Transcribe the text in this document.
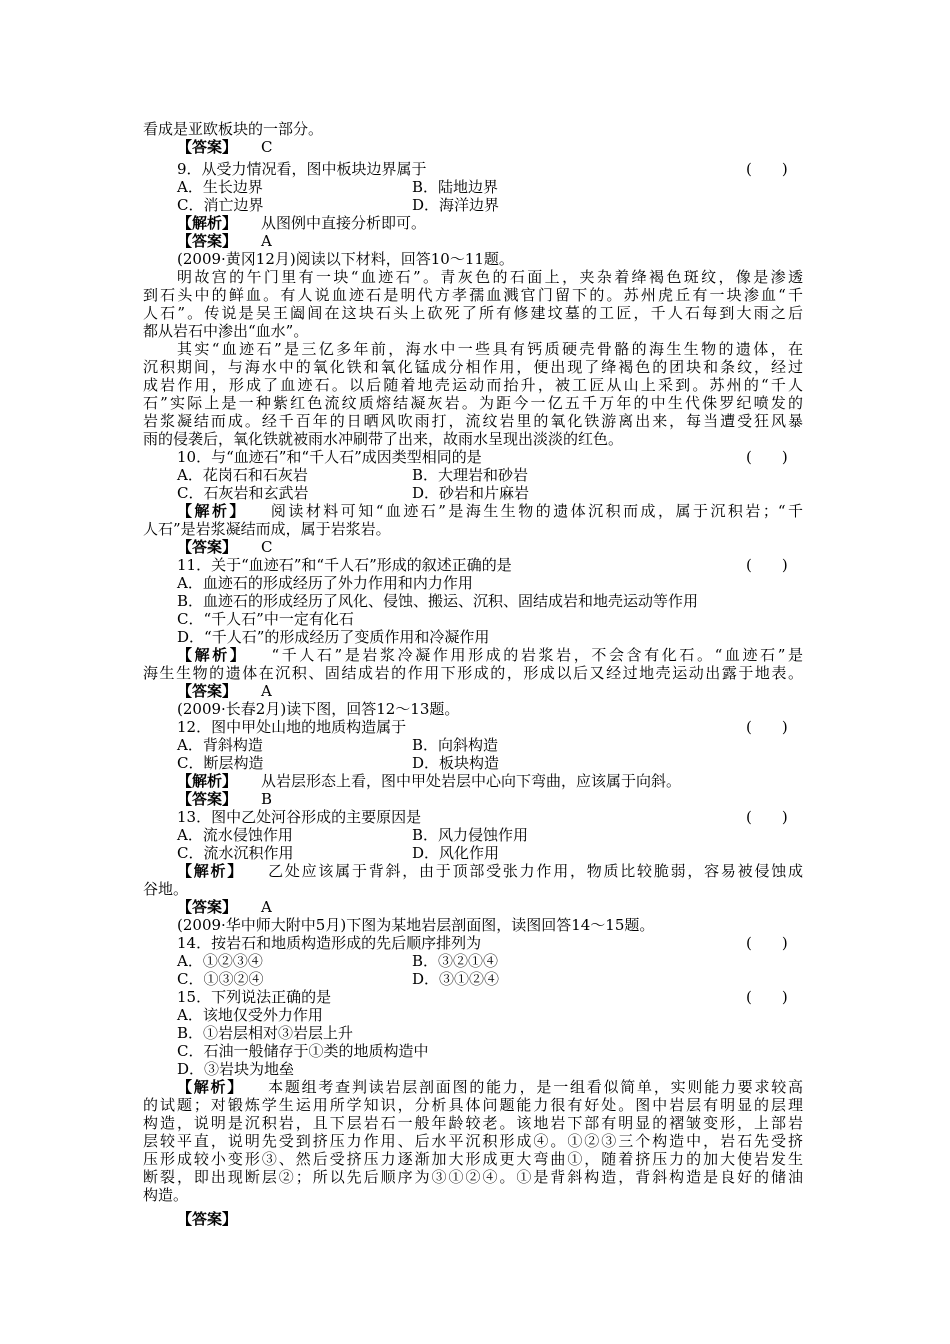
看成是亚欧板块的一部分。
【答案】 C
9．从受力情况看，图中板块边界属于	(　　)
A．生长边界	B．陆地边界
C．消亡边界	D．海洋边界
【解析】 从图例中直接分析即可。
【答案】 A
(2009·黄冈12月)阅读以下材料，回答10～11题。
明故宫的午门里有一块“血迹石”。青灰色的石面上，夹杂着绛褐色斑纹，像是渗透
到石头中的鲜血。有人说血迹石是明代方孝孺血溅官门留下的。苏州虎丘有一块渗血“千
人石”。传说是吴王阖闾在这块石头上砍死了所有修建坟墓的工匠，千人石每到大雨之后
都从岩石中渗出“血水”。
其实“血迹石”是三亿多年前，海水中一些具有钙质硬壳骨骼的海生生物的遗体，在
沉积期间，与海水中的氧化铁和氧化锰成分相作用，便出现了绛褐色的团块和条纹，经过
成岩作用，形成了血迹石。以后随着地壳运动而抬升，被工匠从山上采到。苏州的“千人
石”实际上是一种紫红色流纹质熔结凝灰岩。为距今一亿五千万年的中生代侏罗纪喷发的
岩浆凝结而成。经千百年的日晒风吹雨打，流纹岩里的氧化铁游离出来，每当遭受狂风暴
雨的侵袭后，氧化铁就被雨水冲刷带了出来，故雨水呈现出淡淡的红色。
10．与“血迹石”和“千人石”成因类型相同的是	(　　)
A．花岗石和石灰岩	B．大理岩和砂岩
C．石灰岩和玄武岩	D．砂岩和片麻岩
【解析】 阅读材料可知“血迹石”是海生生物的遗体沉积而成，属于沉积岩；“千
人石”是岩浆凝结而成，属于岩浆岩。
【答案】 C
11．关于“血迹石”和“千人石”形成的叙述正确的是	(　　)
A．血迹石的形成经历了外力作用和内力作用
B．血迹石的形成经历了风化、侵蚀、搬运、沉积、固结成岩和地壳运动等作用
C．“千人石”中一定有化石
D．“千人石”的形成经历了变质作用和冷凝作用
【解析】 “千人石”是岩浆冷凝作用形成的岩浆岩，不会含有化石。“血迹石”是
海生生物的遗体在沉积、固结成岩的作用下形成的，形成以后又经过地壳运动出露于地表。
【答案】 A
(2009·长春2月)读下图，回答12～13题。
12．图中甲处山地的地质构造属于	(　　)
A．背斜构造	B．向斜构造
C．断层构造	D．板块构造
【解析】 从岩层形态上看，图中甲处岩层中心向下弯曲，应该属于向斜。
【答案】 B
13．图中乙处河谷形成的主要原因是	(　　)
A．流水侵蚀作用	B．风力侵蚀作用
C．流水沉积作用	D．风化作用
【解析】 乙处应该属于背斜，由于顶部受张力作用，物质比较脆弱，容易被侵蚀成
谷地。
【答案】 A
(2009·华中师大附中5月)下图为某地岩层剖面图，读图回答14～15题。
14．按岩石和地质构造形成的先后顺序排列为	(　　)
A．①②③④	B．③②①④
C．①③②④	D．③①②④
15．下列说法正确的是	(　　)
A．该地仅受外力作用
B．①岩层相对③岩层上升
C．石油一般储存于①类的地质构造中
D．③岩块为地垒
【解析】 本题组考查判读岩层剖面图的能力，是一组看似简单，实则能力要求较高
的试题；对锻炼学生运用所学知识，分析具体问题能力很有好处。图中岩层有明显的层理
构造，说明是沉积岩，且下层岩石一般年龄较老。该地岩下部有明显的褶皱变形，上部岩
层较平直，说明先受到挤压力作用、后水平沉积形成④。①②③三个构造中，岩石先受挤
压形成较小变形③、然后受挤压力逐渐加大形成更大弯曲①，随着挤压力的加大使岩发生
断裂，即出现断层②；所以先后顺序为③①②④。①是背斜构造，背斜构造是良好的储油
构造。
【答案】
